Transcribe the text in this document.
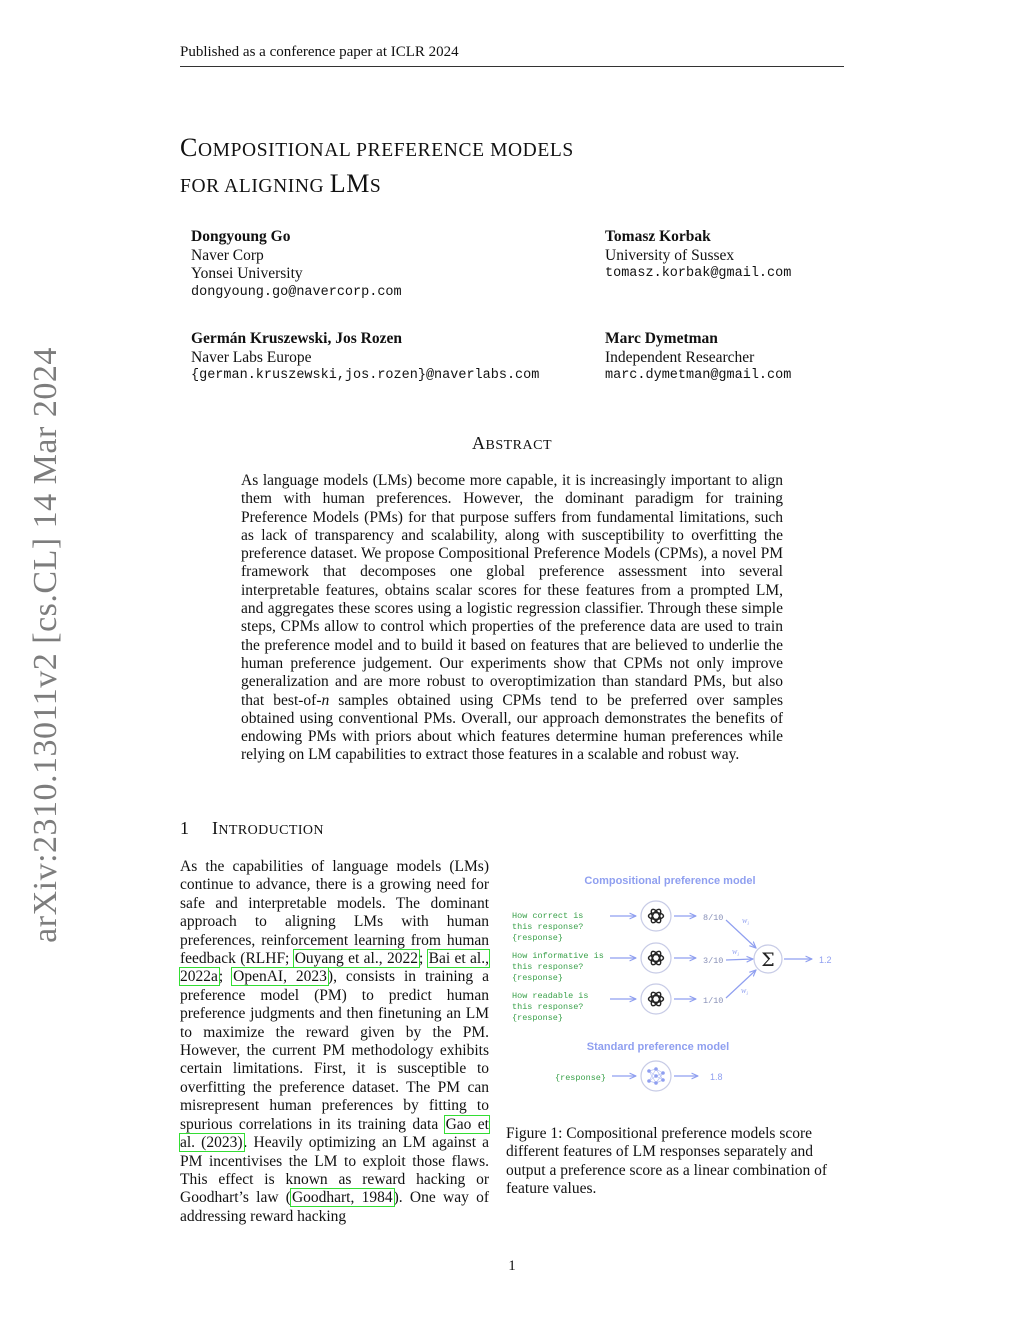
Published as a conference paper at ICLR 2024
COMPOSITIONAL PREFERENCE MODELS
FOR ALIGNING LMS
Dongyoung Go
Naver Corp
Yonsei University
dongyoung.go@navercorp.com
Tomasz Korbak
University of Sussex
tomasz.korbak@gmail.com
Germán Kruszewski, Jos Rozen
Naver Labs Europe
{german.kruszewski,jos.rozen}@naverlabs.com
Marc Dymetman
Independent Researcher
marc.dymetman@gmail.com
arXiv:2310.13011v2 [cs.CL] 14 Mar 2024	ABSTRACT
As language models (LMs) become more capable, it is increasingly important to align them with human preferences. However, the dominant paradigm for training Preference Models (PMs) for that purpose suffers from fundamental limitations, such as lack of transparency and scalability, along with susceptibility to overfitting the preference dataset. We propose Compositional Preference Models (CPMs), a novel PM framework that decomposes one global preference assessment into several interpretable features, obtains scalar scores for these features from a prompted LM, and aggregates these scores using a logistic regression classifier. Through these simple steps, CPMs allow to control which properties of the preference data are used to train the preference model and to build it based on features that are believed to underlie the human preference judgement. Our experiments show that CPMs not only improve generalization and are more robust to overoptimization than standard PMs, but also that best-of-n samples obtained using CPMs tend to be preferred over samples obtained using conventional PMs. Overall, our approach demonstrates the benefits of endowing PMs with priors about which features determine human preferences while relying on LM capabilities to extract those features in a scalable and robust way.
1 INTRODUCTION
As the capabilities of language models (LMs) continue to advance, there is a growing need for safe and interpretable models. The dominant approach to aligning LMs with human preferences, reinforcement learning from human feedback (RLHF; Ouyang et al., 2022; Bai et al., 2022a; OpenAI, 2023), consists in training a preference model (PM) to predict human preference judgments and then finetuning an LM to maximize the reward given by the PM. However, the current PM methodology exhibits certain limitations. First, it is susceptible to overfitting the preference dataset. The PM can misrepresent human preferences by fitting to spurious correlations in its training data Gao et al. (2023). Heavily optimizing an LM against a PM incentivises the LM to exploit those flaws. This effect is known as reward hacking or Goodhart’s law (Goodhart, 1984). One way of addressing reward hacking
Compositional preference model
How correct is this response? {response}
8/10
How informative is this response? {response}
3/10
How readable is this response? {response}
1/10
$w_i$
$w_i$
$w_i$
Σ	1.2
Standard preference model
{response}	1.8
Figure 1: Compositional preference models score different features of LM responses separately and output a preference score as a linear combination of feature values.
1
